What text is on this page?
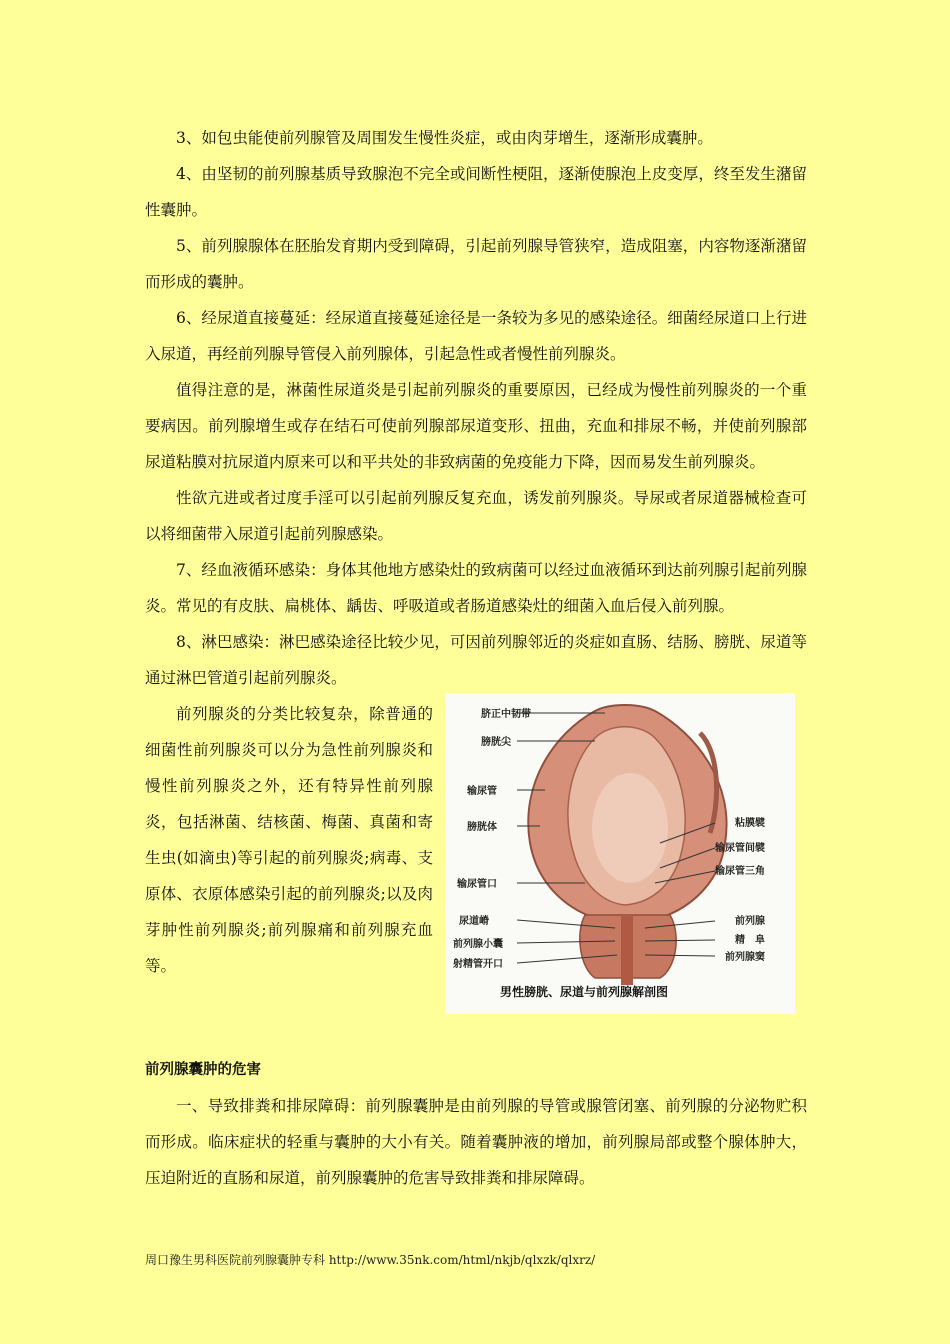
3、如包虫能使前列腺管及周围发生慢性炎症，或由肉芽增生，逐渐形成囊肿。

4、由坚韧的前列腺基质导致腺泡不完全或间断性梗阻，逐渐使腺泡上皮变厚，终至发生潴留性囊肿。

5、前列腺腺体在胚胎发育期内受到障碍，引起前列腺导管狭窄，造成阻塞，内容物逐渐潴留而形成的囊肿。

6、经尿道直接蔓延：经尿道直接蔓延途径是一条较为多见的感染途径。细菌经尿道口上行进入尿道，再经前列腺导管侵入前列腺体，引起急性或者慢性前列腺炎。

值得注意的是，淋菌性尿道炎是引起前列腺炎的重要原因，已经成为慢性前列腺炎的一个重要病因。前列腺增生或存在结石可使前列腺部尿道变形、扭曲，充血和排尿不畅，并使前列腺部尿道粘膜对抗尿道内原来可以和平共处的非致病菌的免疫能力下降，因而易发生前列腺炎。

性欲亢进或者过度手淫可以引起前列腺反复充血，诱发前列腺炎。导尿或者尿道器械检查可以将细菌带入尿道引起前列腺感染。

7、经血液循环感染：身体其他地方感染灶的致病菌可以经过血液循环到达前列腺引起前列腺炎。常见的有皮肤、扁桃体、龋齿、呼吸道或者肠道感染灶的细菌入血后侵入前列腺。

8、淋巴感染：淋巴感染途径比较少见，可因前列腺邻近的炎症如直肠、结肠、膀胱、尿道等通过淋巴管道引起前列腺炎。

前列腺炎的分类比较复杂，除普通的细菌性前列腺炎可以分为急性前列腺炎和慢性前列腺炎之外，还有特异性前列腺炎，包括淋菌、结核菌、梅菌、真菌和寄生虫(如滴虫)等引起的前列腺炎;病毒、支原体、衣原体感染引起的前列腺炎;以及肉芽肿性前列腺炎;前列腺痛和前列腺充血等。

脐正中韧带
膀胱尖
输尿管
膀胱体
输尿管口
尿道嵴
前列腺小囊
射精管开口
粘膜襞
输尿管间襞
输尿管三角
前列腺
精　阜
前列腺窦
男性膀胱、尿道与前列腺解剖图
前列腺囊肿的危害

一、导致排粪和排尿障碍：前列腺囊肿是由前列腺的导管或腺管闭塞、前列腺的分泌物贮积而形成。临床症状的轻重与囊肿的大小有关。随着囊肿液的增加，前列腺局部或整个腺体肿大，压迫附近的直肠和尿道，前列腺囊肿的危害导致排粪和排尿障碍。

周口豫生男科医院前列腺囊肿专科 http://www.35nk.com/html/nkjb/qlxzk/qlxrz/
